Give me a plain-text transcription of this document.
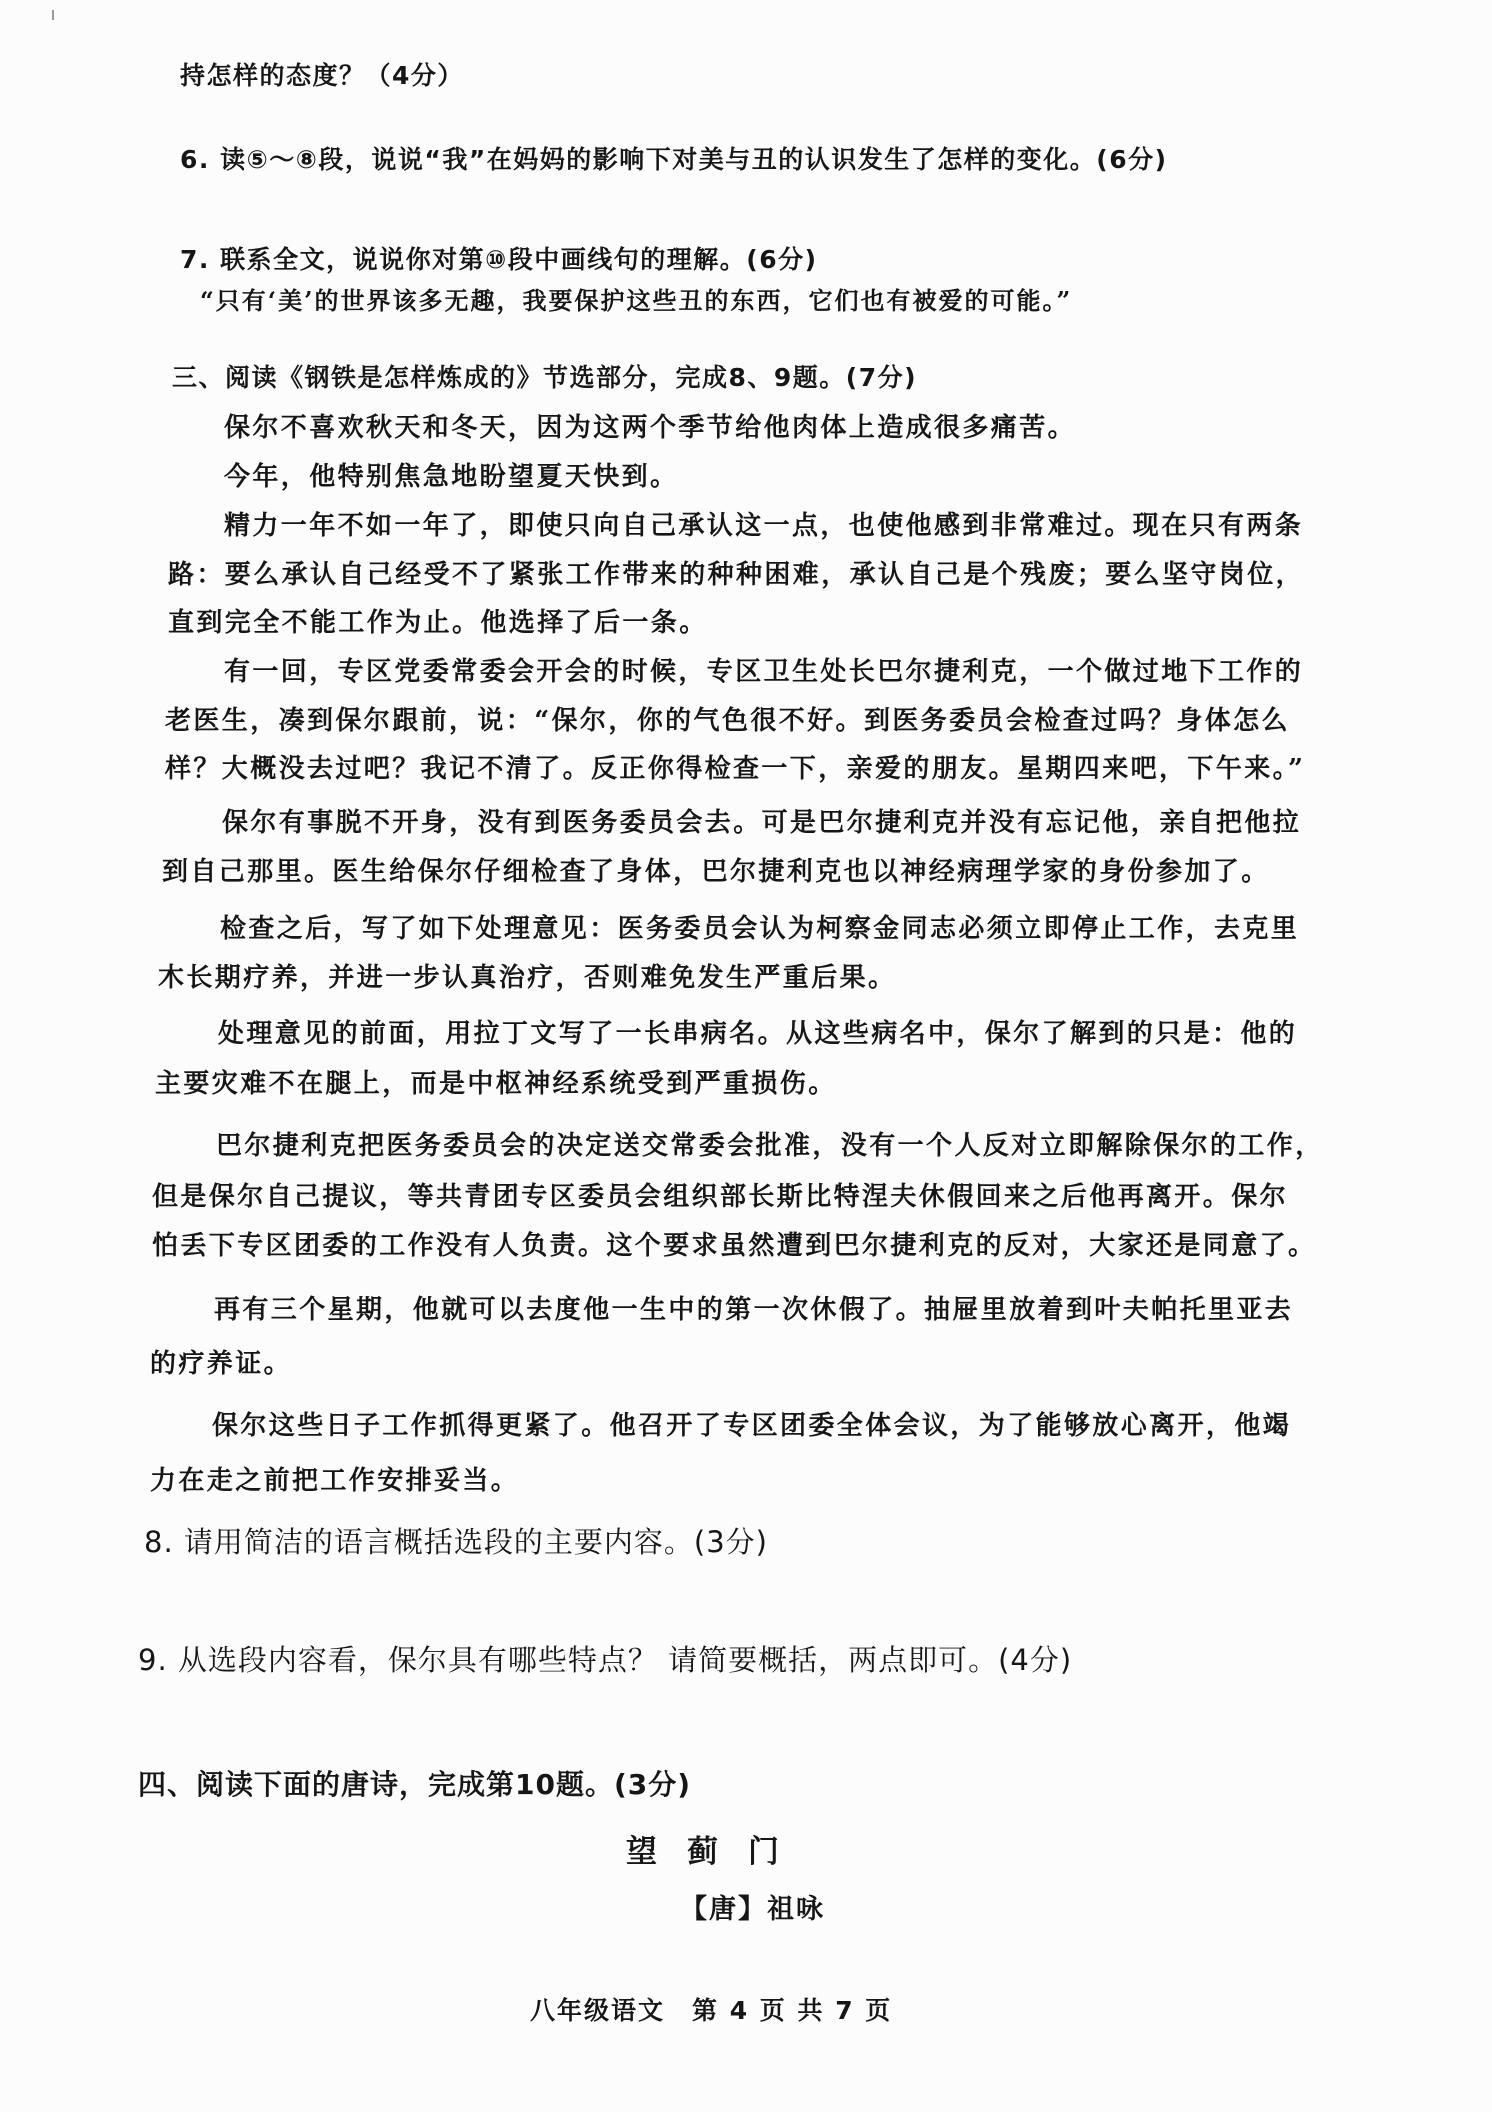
持怎样的态度？（4分）
6. 读⑤～⑧段，说说“我”在妈妈的影响下对美与丑的认识发生了怎样的变化。(6分)
7. 联系全文，说说你对第⑩段中画线句的理解。(6分)
“只有‘美’的世界该多无趣，我要保护这些丑的东西，它们也有被爱的可能。”
三、阅读《钢铁是怎样炼成的》节选部分，完成8、9题。(7分)
保尔不喜欢秋天和冬天，因为这两个季节给他肉体上造成很多痛苦。
今年，他特别焦急地盼望夏天快到。
精力一年不如一年了，即使只向自己承认这一点，也使他感到非常难过。现在只有两条
路：要么承认自己经受不了紧张工作带来的种种困难，承认自己是个残废；要么坚守岗位，
直到完全不能工作为止。他选择了后一条。
有一回，专区党委常委会开会的时候，专区卫生处长巴尔捷利克，一个做过地下工作的
老医生，凑到保尔跟前，说：“保尔，你的气色很不好。到医务委员会检查过吗？身体怎么
样？大概没去过吧？我记不清了。反正你得检查一下，亲爱的朋友。星期四来吧，下午来。”
保尔有事脱不开身，没有到医务委员会去。可是巴尔捷利克并没有忘记他，亲自把他拉
到自己那里。医生给保尔仔细检查了身体，巴尔捷利克也以神经病理学家的身份参加了。
检查之后，写了如下处理意见：医务委员会认为柯察金同志必须立即停止工作，去克里
木长期疗养，并进一步认真治疗，否则难免发生严重后果。
处理意见的前面，用拉丁文写了一长串病名。从这些病名中，保尔了解到的只是：他的
主要灾难不在腿上，而是中枢神经系统受到严重损伤。
巴尔捷利克把医务委员会的决定送交常委会批准，没有一个人反对立即解除保尔的工作，
但是保尔自己提议，等共青团专区委员会组织部长斯比特涅夫休假回来之后他再离开。保尔
怕丢下专区团委的工作没有人负责。这个要求虽然遭到巴尔捷利克的反对，大家还是同意了。
再有三个星期，他就可以去度他一生中的第一次休假了。抽屉里放着到叶夫帕托里亚去
的疗养证。
保尔这些日子工作抓得更紧了。他召开了专区团委全体会议，为了能够放心离开，他竭
力在走之前把工作安排妥当。
8. 请用简洁的语言概括选段的主要内容。(3分)
9. 从选段内容看，保尔具有哪些特点？ 请简要概括，两点即可。(4分)
四、阅读下面的唐诗，完成第10题。(3分)
望蓟门
【唐】祖咏
八年级语文　第 4 页 共 7 页
